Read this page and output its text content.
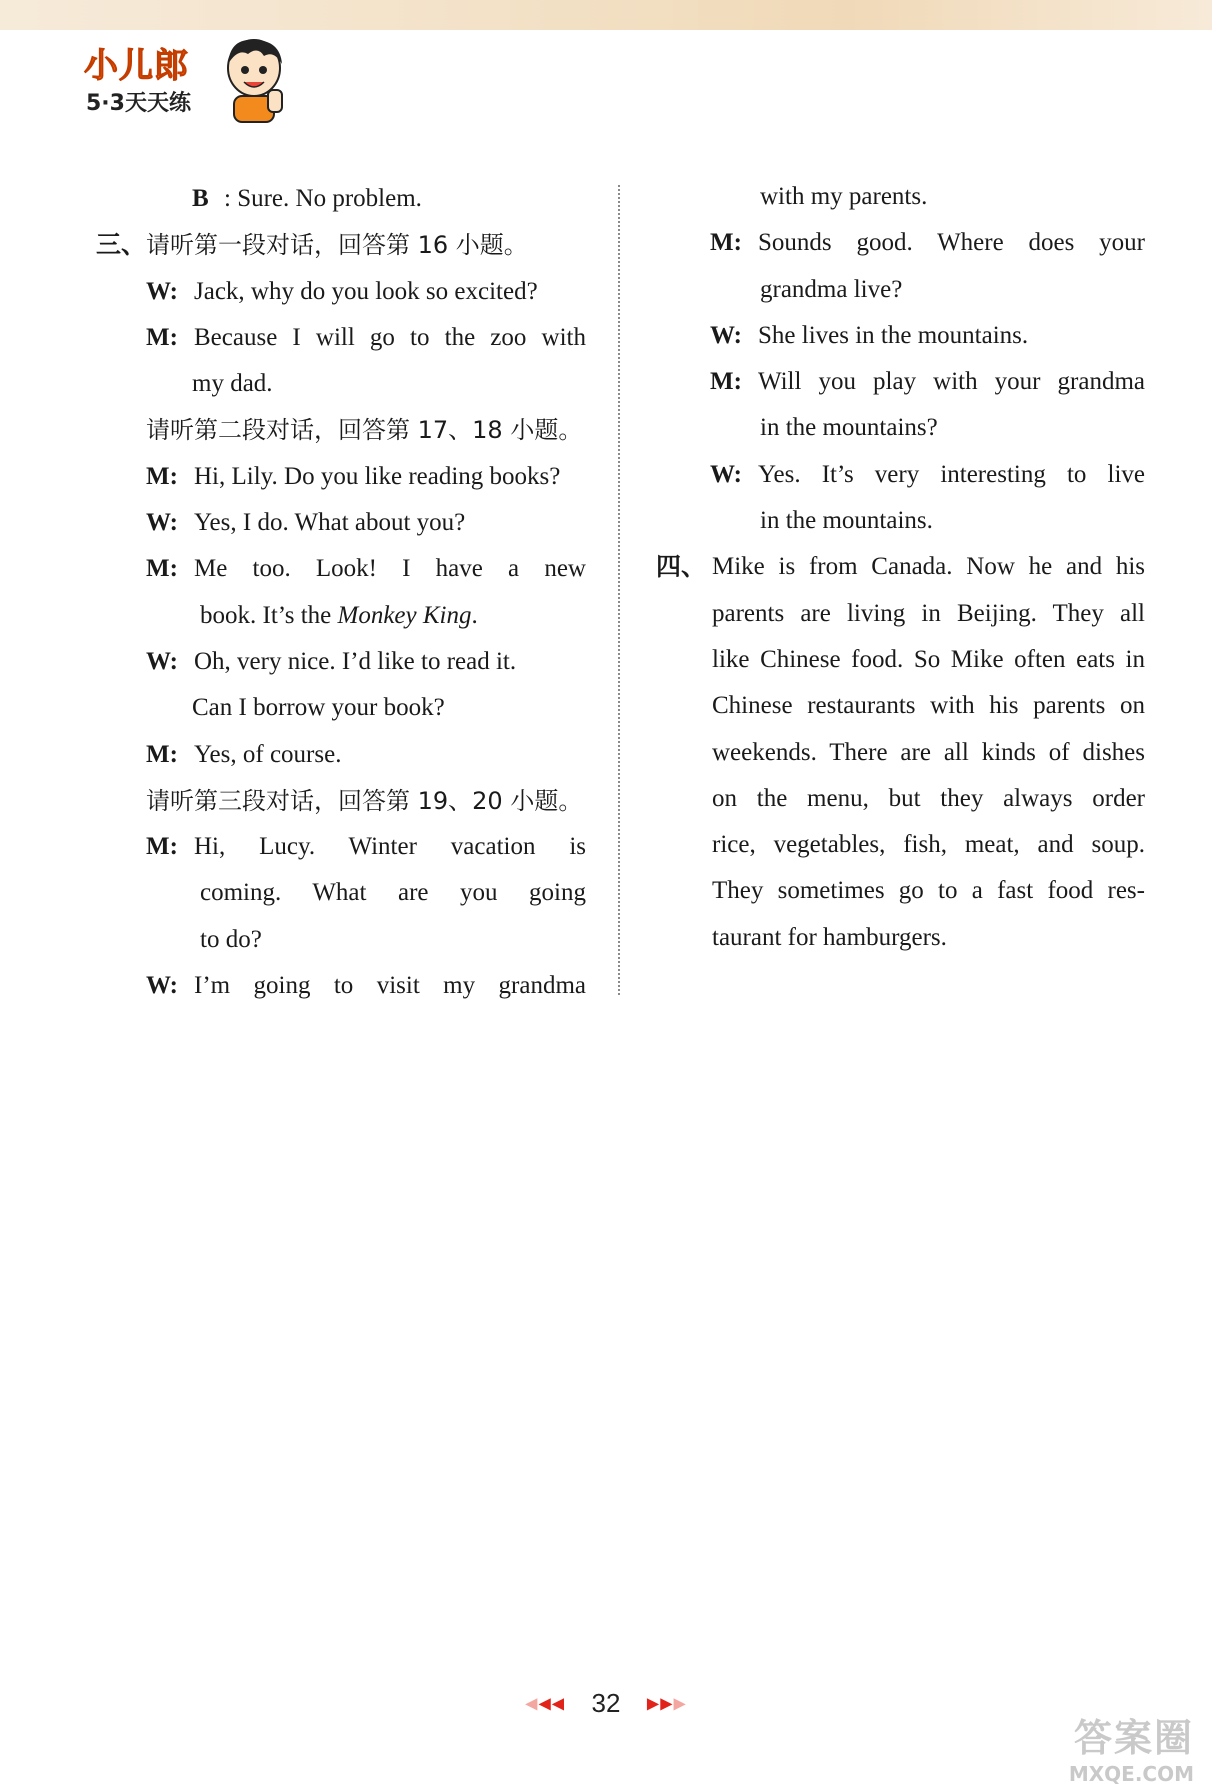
小儿郎
5·3天天练
B : Sure. No problem.
三、请听第一段对话，回答第 16 小题。
W: Jack, why do you look so excited?
M: Because I will go to the zoo with
my dad.
请听第二段对话，回答第 17、18 小题。
M: Hi, Lily. Do you like reading books?
W: Yes, I do. What about you?
M: Me too. Look! I have a new
book. It’s the Monkey King.
W: Oh, very nice. I’d like to read it.
Can I borrow your book?
M: Yes, of course.
请听第三段对话，回答第 19、20 小题。
M: Hi, Lucy. Winter vacation is
coming. What are you going
to do?
W: I’m going to visit my grandma
with my parents.
M: Sounds good. Where does your
grandma live?
W: She lives in the mountains.
M: Will you play with your grandma
in the mountains?
W: Yes. It’s very interesting to live
in the mountains.
四、 Mike is from Canada. Now he and his
parents are living in Beijing. They all
like Chinese food. So Mike often eats in
Chinese restaurants with his parents on
weekends. There are all kinds of dishes
on the menu, but they always order
rice, vegetables, fish, meat, and soup.
They sometimes go to a fast food res-
taurant for hamburgers.
◀◀◀ 32 ▶▶▶
答案圈
MXQE.COM
